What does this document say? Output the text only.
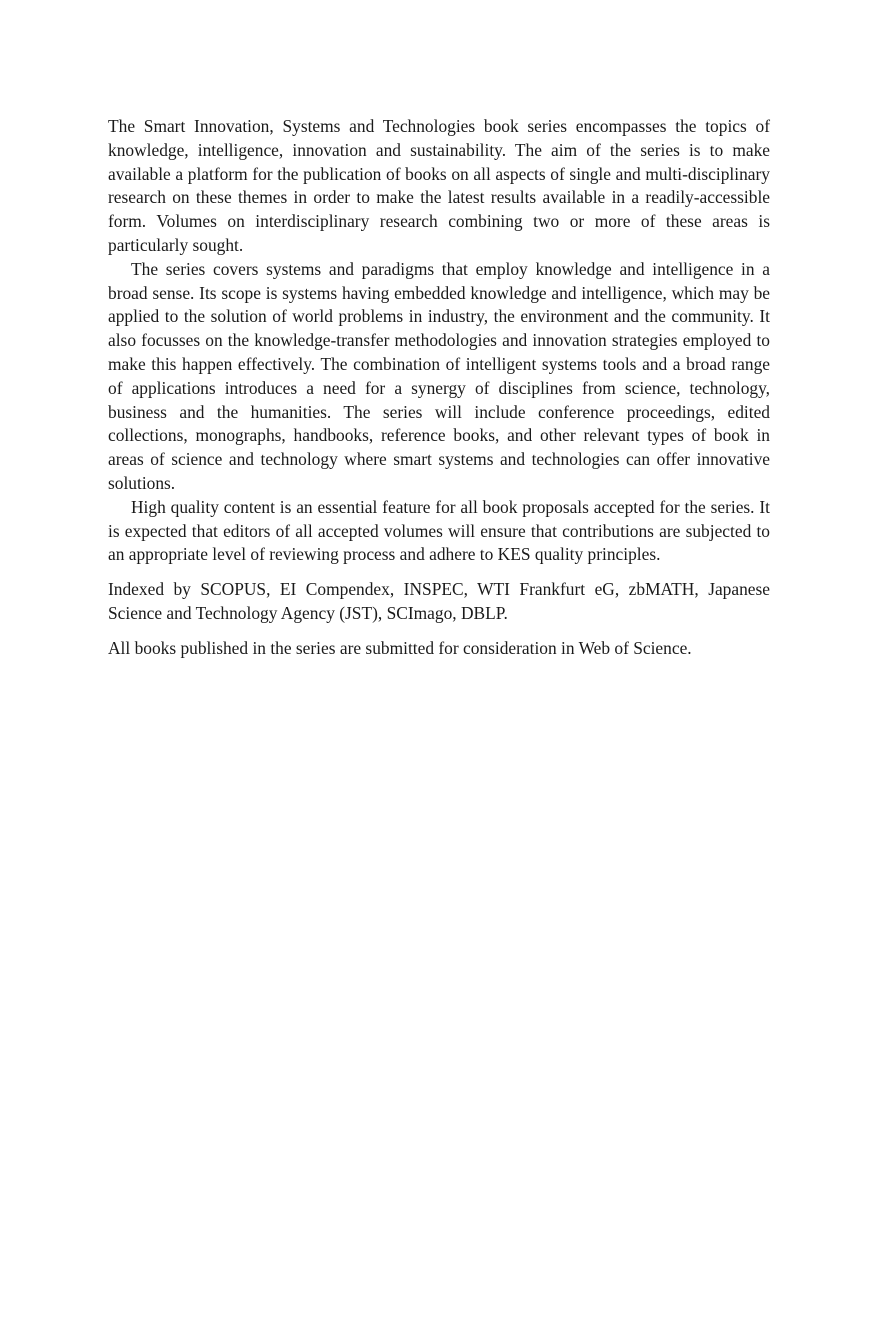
The Smart Innovation, Systems and Technologies book series encompasses the topics of knowledge, intelligence, innovation and sustainability. The aim of the series is to make available a platform for the publication of books on all aspects of single and multi-disciplinary research on these themes in order to make the latest results available in a readily-accessible form. Volumes on interdisciplinary research combining two or more of these areas is particularly sought.

The series covers systems and paradigms that employ knowledge and intelligence in a broad sense. Its scope is systems having embedded knowledge and intelligence, which may be applied to the solution of world problems in industry, the environment and the community. It also focusses on the knowledge-transfer methodologies and innovation strategies employed to make this happen effectively. The combination of intelligent systems tools and a broad range of applications introduces a need for a synergy of disciplines from science, technology, business and the humanities. The series will include conference proceedings, edited collections, monographs, handbooks, reference books, and other relevant types of book in areas of science and technology where smart systems and technologies can offer innovative solutions.

High quality content is an essential feature for all book proposals accepted for the series. It is expected that editors of all accepted volumes will ensure that contributions are subjected to an appropriate level of reviewing process and adhere to KES quality principles.

Indexed by SCOPUS, EI Compendex, INSPEC, WTI Frankfurt eG, zbMATH, Japanese Science and Technology Agency (JST), SCImago, DBLP.

All books published in the series are submitted for consideration in Web of Science.
